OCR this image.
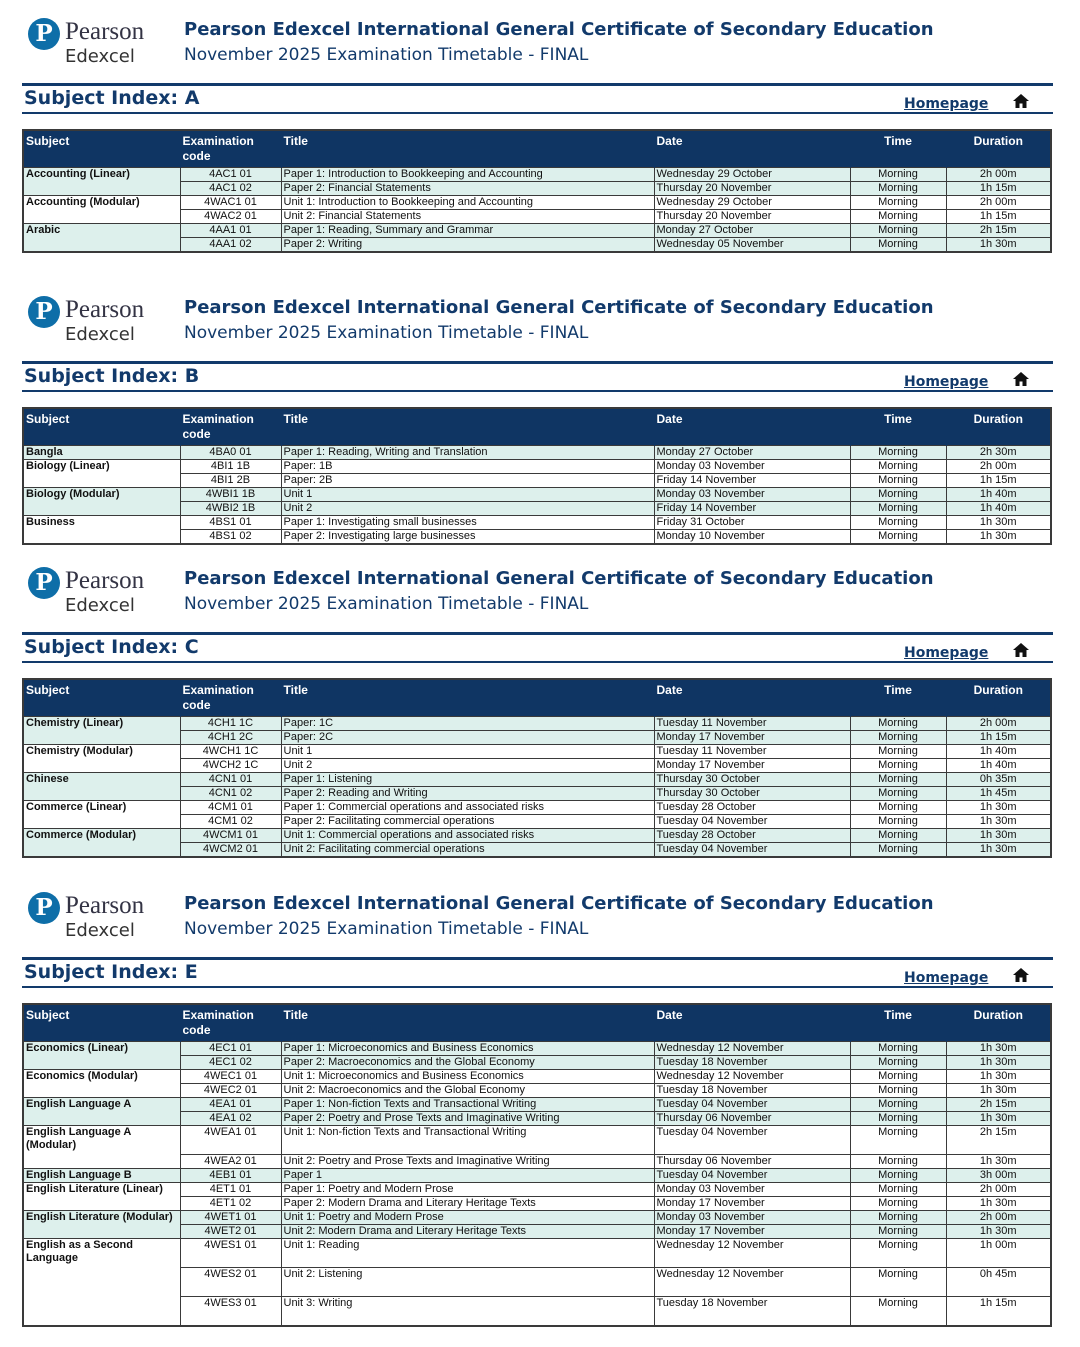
P Pearson
Edexcel
Pearson Edexcel International General Certificate of Secondary Education
November 2025 Examination Timetable - FINAL
Subject Index: A	Homepage
Subject	Examination code	Title	Date	Time	Duration
Accounting (Linear)	4AC1 01	Paper 1: Introduction to Bookkeeping and Accounting	Wednesday 29 October	Morning	2h 00m
	4AC1 02	Paper 2: Financial Statements	Thursday 20 November	Morning	1h 15m
Accounting (Modular)	4WAC1 01	Unit 1: Introduction to Bookkeeping and Accounting	Wednesday 29 October	Morning	2h 00m
	4WAC2 01	Unit 2: Financial Statements	Thursday 20 November	Morning	1h 15m
Arabic	4AA1 01	Paper 1: Reading, Summary and Grammar	Monday 27 October	Morning	2h 15m
	4AA1 02	Paper 2: Writing	Wednesday 05 November	Morning	1h 30m
P Pearson
Edexcel
Pearson Edexcel International General Certificate of Secondary Education
November 2025 Examination Timetable - FINAL
Subject Index: B	Homepage
Subject	Examination code	Title	Date	Time	Duration
Bangla	4BA0 01	Paper 1: Reading, Writing and Translation	Monday 27 October	Morning	2h 30m
Biology (Linear)	4BI1 1B	Paper: 1B	Monday 03 November	Morning	2h 00m
	4BI1 2B	Paper: 2B	Friday 14 November	Morning	1h 15m
Biology (Modular)	4WBI1 1B	Unit 1	Monday 03 November	Morning	1h 40m
	4WBI2 1B	Unit 2	Friday 14 November	Morning	1h 40m
Business	4BS1 01	Paper 1: Investigating small businesses	Friday 31 October	Morning	1h 30m
	4BS1 02	Paper 2: Investigating large businesses	Monday 10 November	Morning	1h 30m
P Pearson
Edexcel
Pearson Edexcel International General Certificate of Secondary Education
November 2025 Examination Timetable - FINAL
Subject Index: C	Homepage
Subject	Examination code	Title	Date	Time	Duration
Chemistry (Linear)	4CH1 1C	Paper: 1C	Tuesday 11 November	Morning	2h 00m
	4CH1 2C	Paper: 2C	Monday 17 November	Morning	1h 15m
Chemistry (Modular)	4WCH1 1C	Unit 1	Tuesday 11 November	Morning	1h 40m
	4WCH2 1C	Unit 2	Monday 17 November	Morning	1h 40m
Chinese	4CN1 01	Paper 1: Listening	Thursday 30 October	Morning	0h 35m
	4CN1 02	Paper 2: Reading and Writing	Thursday 30 October	Morning	1h 45m
Commerce (Linear)	4CM1 01	Paper 1: Commercial operations and associated risks	Tuesday 28 October	Morning	1h 30m
	4CM1 02	Paper 2: Facilitating commercial operations	Tuesday 04 November	Morning	1h 30m
Commerce (Modular)	4WCM1 01	Unit 1: Commercial operations and associated risks	Tuesday 28 October	Morning	1h 30m
	4WCM2 01	Unit 2: Facilitating commercial operations	Tuesday 04 November	Morning	1h 30m
P Pearson
Edexcel
Pearson Edexcel International General Certificate of Secondary Education
November 2025 Examination Timetable - FINAL
Subject Index: E	Homepage
Subject	Examination code	Title	Date	Time	Duration
Economics (Linear)	4EC1 01	Paper 1: Microeconomics and Business Economics	Wednesday 12 November	Morning	1h 30m
	4EC1 02	Paper 2: Macroeconomics and the Global Economy	Tuesday 18 November	Morning	1h 30m
Economics (Modular)	4WEC1 01	Unit 1: Microeconomics and Business Economics	Wednesday 12 November	Morning	1h 30m
	4WEC2 01	Unit 2: Macroeconomics and the Global Economy	Tuesday 18 November	Morning	1h 30m
English Language A	4EA1 01	Paper 1: Non-fiction Texts and Transactional Writing	Tuesday 04 November	Morning	2h 15m
	4EA1 02	Paper 2: Poetry and Prose Texts and Imaginative Writing	Thursday 06 November	Morning	1h 30m
English Language A (Modular)	4WEA1 01	Unit 1: Non-fiction Texts and Transactional Writing	Tuesday 04 November	Morning	2h 15m
	4WEA2 01	Unit 2: Poetry and Prose Texts and Imaginative Writing	Thursday 06 November	Morning	1h 30m
English Language B	4EB1 01	Paper 1	Tuesday 04 November	Morning	3h 00m
English Literature (Linear)	4ET1 01	Paper 1: Poetry and Modern Prose	Monday 03 November	Morning	2h 00m
	4ET1 02	Paper 2: Modern Drama and Literary Heritage Texts	Monday 17 November	Morning	1h 30m
English Literature (Modular)	4WET1 01	Unit 1: Poetry and Modern Prose	Monday 03 November	Morning	2h 00m
	4WET2 01	Unit 2: Modern Drama and Literary Heritage Texts	Monday 17 November	Morning	1h 30m
English as a Second Language	4WES1 01	Unit 1: Reading	Wednesday 12 November	Morning	1h 00m
	4WES2 01	Unit 2: Listening	Wednesday 12 November	Morning	0h 45m
	4WES3 01	Unit 3: Writing	Tuesday 18 November	Morning	1h 15m
